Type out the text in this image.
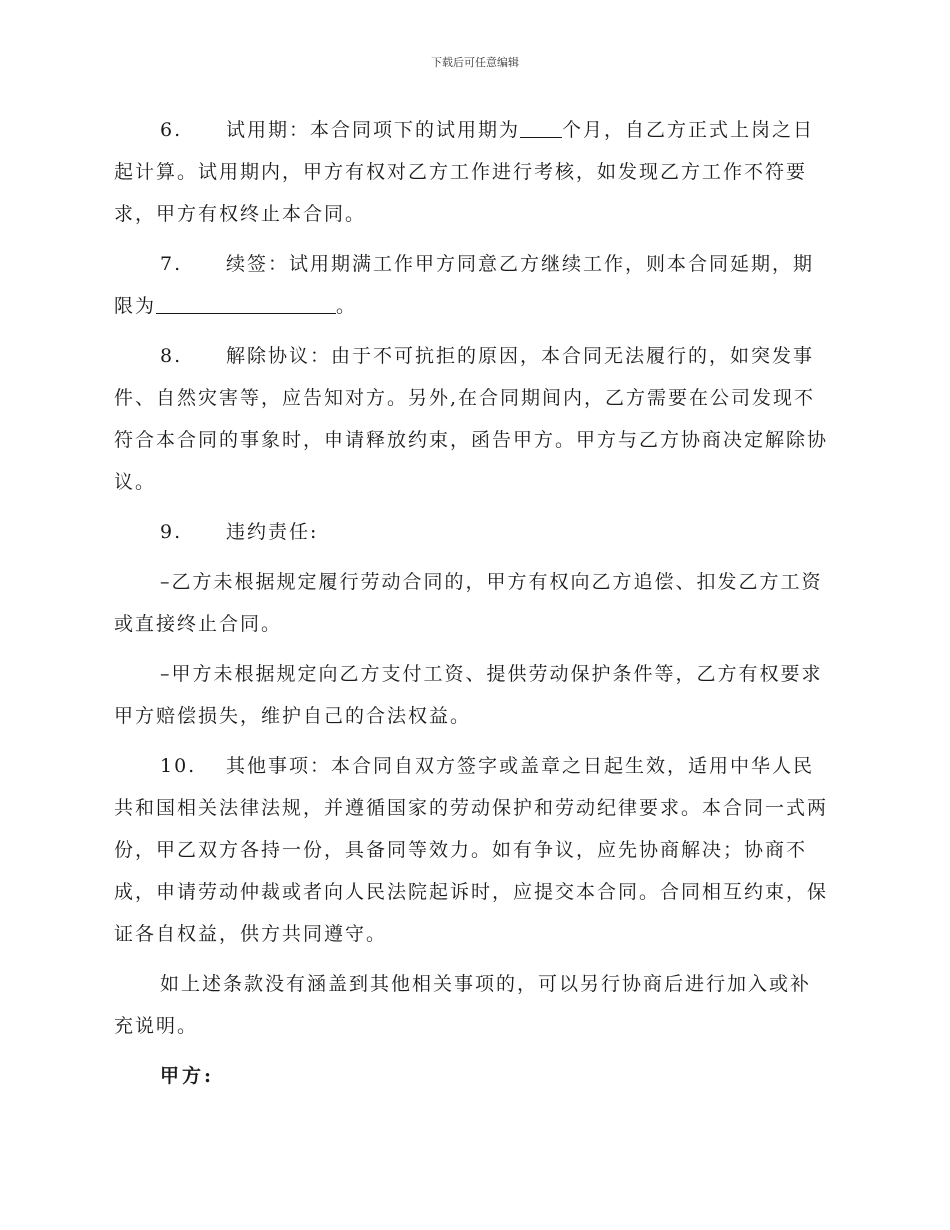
下载后可任意编辑

6. 试用期：本合同项下的试用期为 个月，自乙方正式上岗之日起计算。试用期内，甲方有权对乙方工作进行考核，如发现乙方工作不符要求，甲方有权终止本合同。

7. 续签：试用期满工作甲方同意乙方继续工作，则本合同延期，期限为	。

8. 解除协议：由于不可抗拒的原因，本合同无法履行的，如突发事件、自然灾害等，应告知对方。另外,在合同期间内，乙方需要在公司发现不符合本合同的事象时，申请释放约束，函告甲方。甲方与乙方协商决定解除协议。

9. 违约责任:

–乙方未根据规定履行劳动合同的，甲方有权向乙方追偿、扣发乙方工资或直接终止合同。

–甲方未根据规定向乙方支付工资、提供劳动保护条件等，乙方有权要求甲方赔偿损失，维护自己的合法权益。

10. 其他事项：本合同自双方签字或盖章之日起生效，适用中华人民共和国相关法律法规，并遵循国家的劳动保护和劳动纪律要求。本合同一式两份，甲乙双方各持一份，具备同等效力。如有争议，应先协商解决；协商不成，申请劳动仲裁或者向人民法院起诉时，应提交本合同。合同相互约束，保证各自权益，供方共同遵守。

如上述条款没有涵盖到其他相关事项的，可以另行协商后进行加入或补充说明。

甲方:
